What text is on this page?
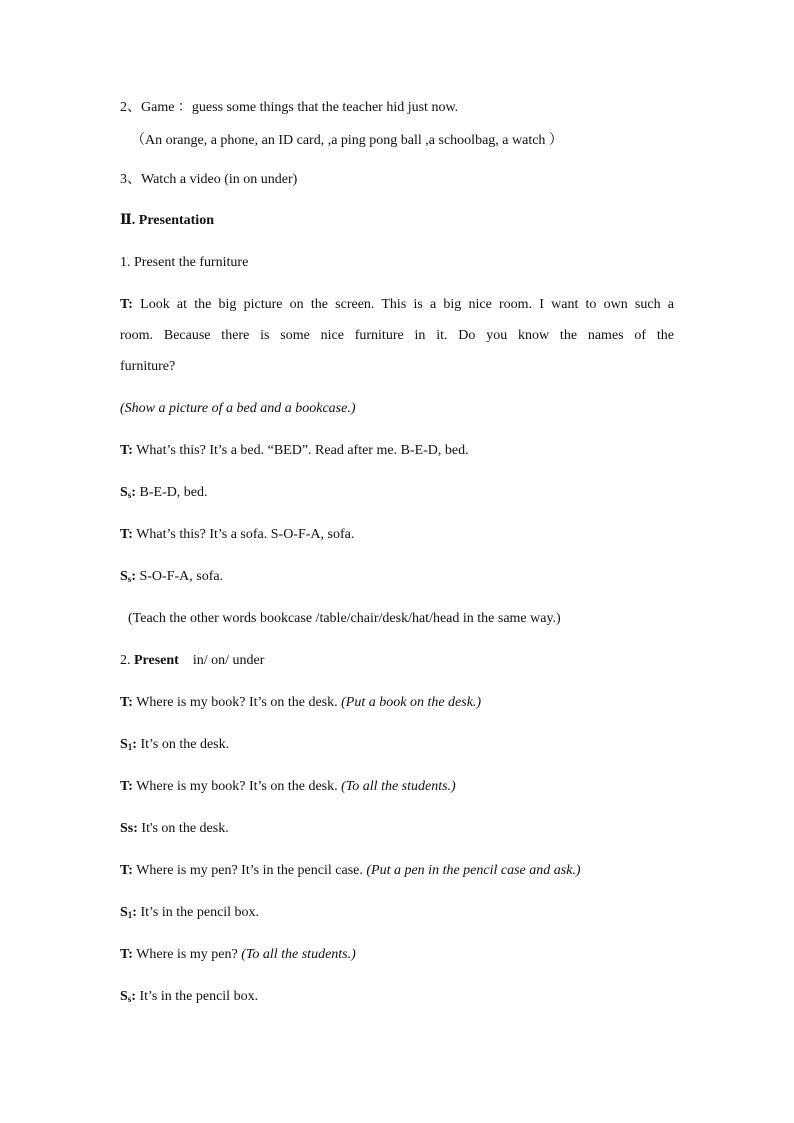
2、Game ：guess some things that the teacher hid just now.
（An orange, a phone, an ID card, ,a ping pong ball ,a schoolbag, a watch ）
3、Watch a video (in on under)
Ⅱ. Presentation
1. Present the furniture
T: Look at the big picture on the screen. This is a big nice room. I want to own such a
room. Because there is some nice furniture in it. Do you know the names of the
furniture?
(Show a picture of a bed and a bookcase.)
T: What’s this? It’s a bed. “BED”. Read after me. B-E-D, bed.
$S_s$: B-E-D, bed.
T: What’s this? It’s a sofa. S-O-F-A, sofa.
$S_s$: S-O-F-A, sofa.
(Teach the other words bookcase /table/chair/desk/hat/head in the same way.)
2. Present in/ on/ under
T: Where is my book? It’s on the desk. (Put a book on the desk.)
$S_1$: It’s on the desk.
T: Where is my book? It’s on the desk. (To all the students.)
Ss: It's on the desk.
T: Where is my pen? It’s in the pencil case. (Put a pen in the pencil case and ask.)
$S_1$: It’s in the pencil box.
T: Where is my pen? (To all the students.)
$S_s$: It’s in the pencil box.
